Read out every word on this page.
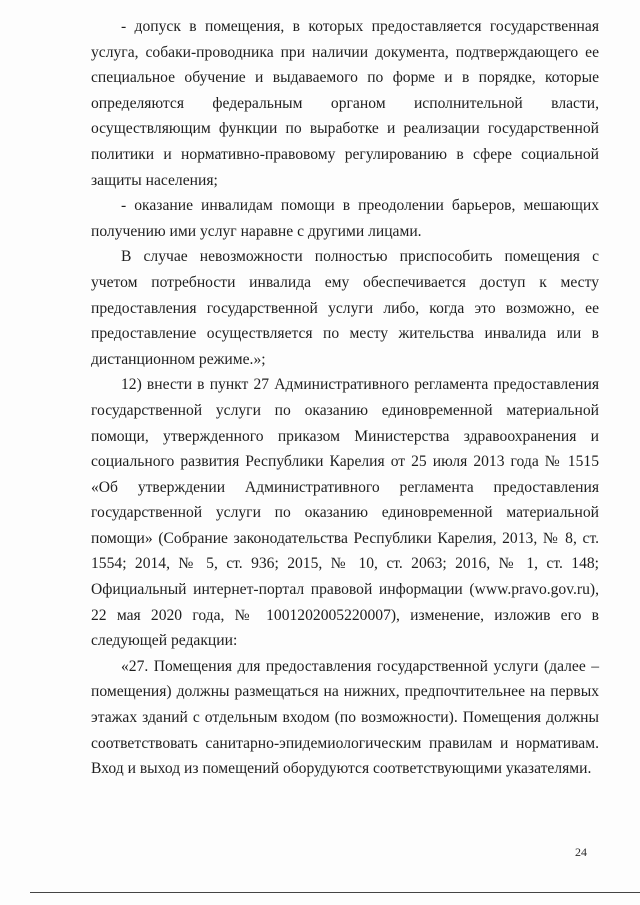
- допуск в помещения, в которых предоставляется государственная услуга, собаки-проводника при наличии документа, подтверждающего ее специальное обучение и выдаваемого по форме и в порядке, которые определяются федеральным органом исполнительной власти, осуществляющим функции по выработке и реализации государственной политики и нормативно-правовому регулированию в сфере социальной защиты населения;

- оказание инвалидам помощи в преодолении барьеров, мешающих получению ими услуг наравне с другими лицами.

В случае невозможности полностью приспособить помещения с учетом потребности инвалида ему обеспечивается доступ к месту предоставления государственной услуги либо, когда это возможно, ее предоставление осуществляется по месту жительства инвалида или в дистанционном режиме.»;

12) внести в пункт 27 Административного регламента предоставления государственной услуги по оказанию единовременной материальной помощи, утвержденного приказом Министерства здравоохранения и социального развития Республики Карелия от 25 июля 2013 года № 1515 «Об утверждении Административного регламента предоставления государственной услуги по оказанию единовременной материальной помощи» (Собрание законодательства Республики Карелия, 2013, № 8, ст. 1554; 2014, № 5, ст. 936; 2015, № 10, ст. 2063; 2016, № 1, ст. 148; Официальный интернет-портал правовой информации (www.pravo.gov.ru), 22 мая 2020 года, № 1001202005220007), изменение, изложив его в следующей редакции:

«27. Помещения для предоставления государственной услуги (далее – помещения) должны размещаться на нижних, предпочтительнее на первых этажах зданий с отдельным входом (по возможности). Помещения должны соответствовать санитарно-эпидемиологическим правилам и нормативам. Вход и выход из помещений оборудуются соответствующими указателями.

24
